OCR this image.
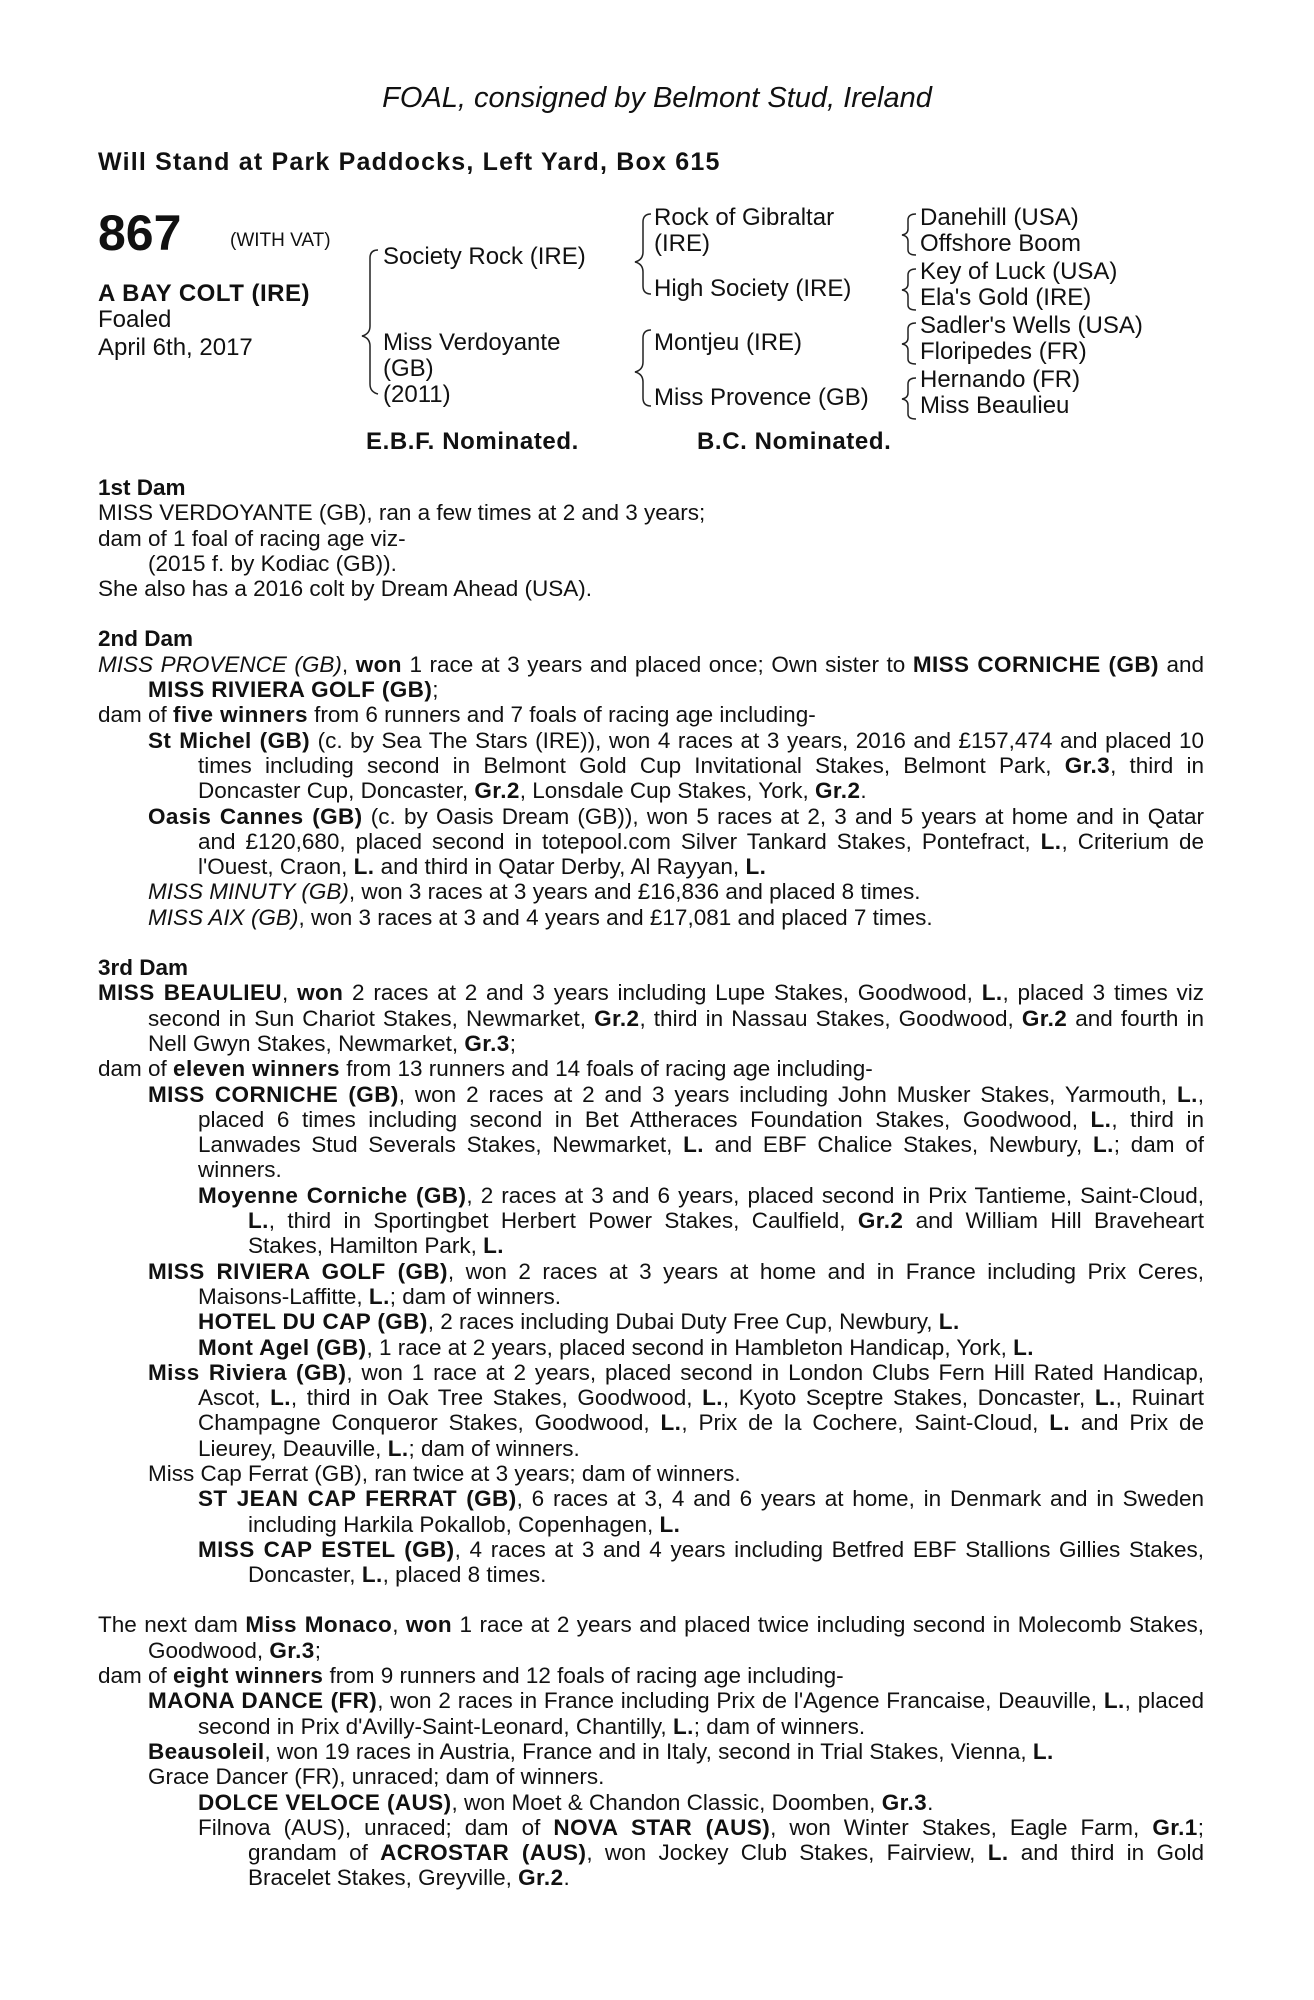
FOAL, consigned by Belmont Stud, Ireland
Will Stand at Park Paddocks, Left Yard, Box 615
867	(WITH VAT)
A BAY COLT (IRE)
Foaled
April 6th, 2017
Society Rock (IRE)
Miss Verdoyante
(GB)
(2011)
Rock of Gibraltar
(IRE)
High Society (IRE)
Montjeu (IRE)
Miss Provence (GB)
Danehill (USA)
Offshore Boom
Key of Luck (USA)
Ela's Gold (IRE)
Sadler's Wells (USA)
Floripedes (FR)
Hernando (FR)
Miss Beaulieu
E.B.F. Nominated.	B.C. Nominated.

1st Dam

MISS VERDOYANTE (GB), ran a few times at 2 and 3 years;

dam of 1 foal of racing age viz-

(2015 f. by Kodiac (GB)).

She also has a 2016 colt by Dream Ahead (USA).

2nd Dam

MISS PROVENCE (GB), won 1 race at 3 years and placed once; Own sister to MISS CORNICHE (GB) and MISS RIVIERA GOLF (GB);

dam of five winners from 6 runners and 7 foals of racing age including-

St Michel (GB) (c. by Sea The Stars (IRE)), won 4 races at 3 years, 2016 and £157,474 and placed 10 times including second in Belmont Gold Cup Invitational Stakes, Belmont Park, Gr.3, third in Doncaster Cup, Doncaster, Gr.2, Lonsdale Cup Stakes, York, Gr.2.

Oasis Cannes (GB) (c. by Oasis Dream (GB)), won 5 races at 2, 3 and 5 years at home and in Qatar and £120,680, placed second in totepool.com Silver Tankard Stakes, Pontefract, L., Criterium de l'Ouest, Craon, L. and third in Qatar Derby, Al Rayyan, L.

MISS MINUTY (GB), won 3 races at 3 years and £16,836 and placed 8 times.

MISS AIX (GB), won 3 races at 3 and 4 years and £17,081 and placed 7 times.

3rd Dam

MISS BEAULIEU, won 2 races at 2 and 3 years including Lupe Stakes, Goodwood, L., placed 3 times viz second in Sun Chariot Stakes, Newmarket, Gr.2, third in Nassau Stakes, Goodwood, Gr.2 and fourth in Nell Gwyn Stakes, Newmarket, Gr.3;

dam of eleven winners from 13 runners and 14 foals of racing age including-

MISS CORNICHE (GB), won 2 races at 2 and 3 years including John Musker Stakes, Yarmouth, L., placed 6 times including second in Bet Attheraces Foundation Stakes, Goodwood, L., third in Lanwades Stud Severals Stakes, Newmarket, L. and EBF Chalice Stakes, Newbury, L.; dam of winners.

Moyenne Corniche (GB), 2 races at 3 and 6 years, placed second in Prix Tantieme, Saint-Cloud, L., third in Sportingbet Herbert Power Stakes, Caulfield, Gr.2 and William Hill Braveheart Stakes, Hamilton Park, L.

MISS RIVIERA GOLF (GB), won 2 races at 3 years at home and in France including Prix Ceres, Maisons-Laffitte, L.; dam of winners.

HOTEL DU CAP (GB), 2 races including Dubai Duty Free Cup, Newbury, L.

Mont Agel (GB), 1 race at 2 years, placed second in Hambleton Handicap, York, L.

Miss Riviera (GB), won 1 race at 2 years, placed second in London Clubs Fern Hill Rated Handicap, Ascot, L., third in Oak Tree Stakes, Goodwood, L., Kyoto Sceptre Stakes, Doncaster, L., Ruinart Champagne Conqueror Stakes, Goodwood, L., Prix de la Cochere, Saint-Cloud, L. and Prix de Lieurey, Deauville, L.; dam of winners.

Miss Cap Ferrat (GB), ran twice at 3 years; dam of winners.

ST JEAN CAP FERRAT (GB), 6 races at 3, 4 and 6 years at home, in Denmark and in Sweden including Harkila Pokallob, Copenhagen, L.

MISS CAP ESTEL (GB), 4 races at 3 and 4 years including Betfred EBF Stallions Gillies Stakes, Doncaster, L., placed 8 times.

The next dam Miss Monaco, won 1 race at 2 years and placed twice including second in Molecomb Stakes, Goodwood, Gr.3;

dam of eight winners from 9 runners and 12 foals of racing age including-

MAONA DANCE (FR), won 2 races in France including Prix de l'Agence Francaise, Deauville, L., placed second in Prix d'Avilly-Saint-Leonard, Chantilly, L.; dam of winners.

Beausoleil, won 19 races in Austria, France and in Italy, second in Trial Stakes, Vienna, L.

Grace Dancer (FR), unraced; dam of winners.

DOLCE VELOCE (AUS), won Moet & Chandon Classic, Doomben, Gr.3.

Filnova (AUS), unraced; dam of NOVA STAR (AUS), won Winter Stakes, Eagle Farm, Gr.1; grandam of ACROSTAR (AUS), won Jockey Club Stakes, Fairview, L. and third in Gold Bracelet Stakes, Greyville, Gr.2.
